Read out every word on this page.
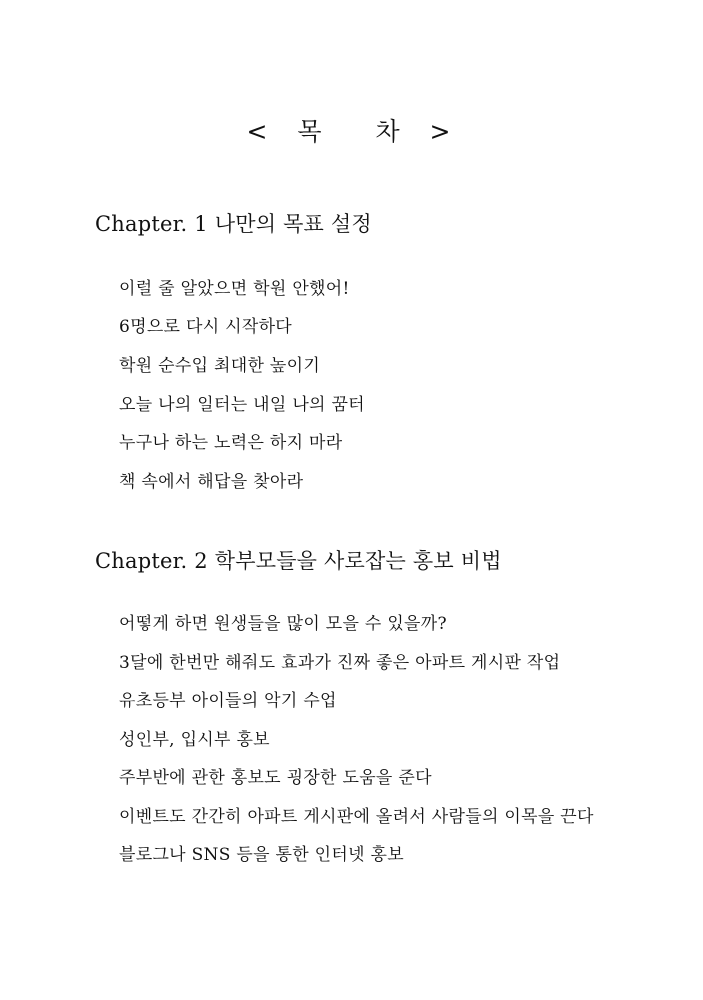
< 목  차 >
Chapter. 1 나만의 목표 설정
이럴 줄 알았으면 학원 안했어!
6명으로 다시 시작하다
학원 순수입 최대한 높이기
오늘 나의 일터는 내일 나의 꿈터
누구나 하는 노력은 하지 마라
책 속에서 해답을 찾아라
Chapter. 2 학부모들을 사로잡는 홍보 비법
어떻게 하면 원생들을 많이 모을 수 있을까?
3달에 한번만 해줘도 효과가 진짜 좋은 아파트 게시판 작업
유초등부 아이들의 악기 수업
성인부, 입시부 홍보
주부반에 관한 홍보도 굉장한 도움을 준다
이벤트도 간간히 아파트 게시판에 올려서 사람들의 이목을 끈다
블로그나 SNS 등을 통한 인터넷 홍보
